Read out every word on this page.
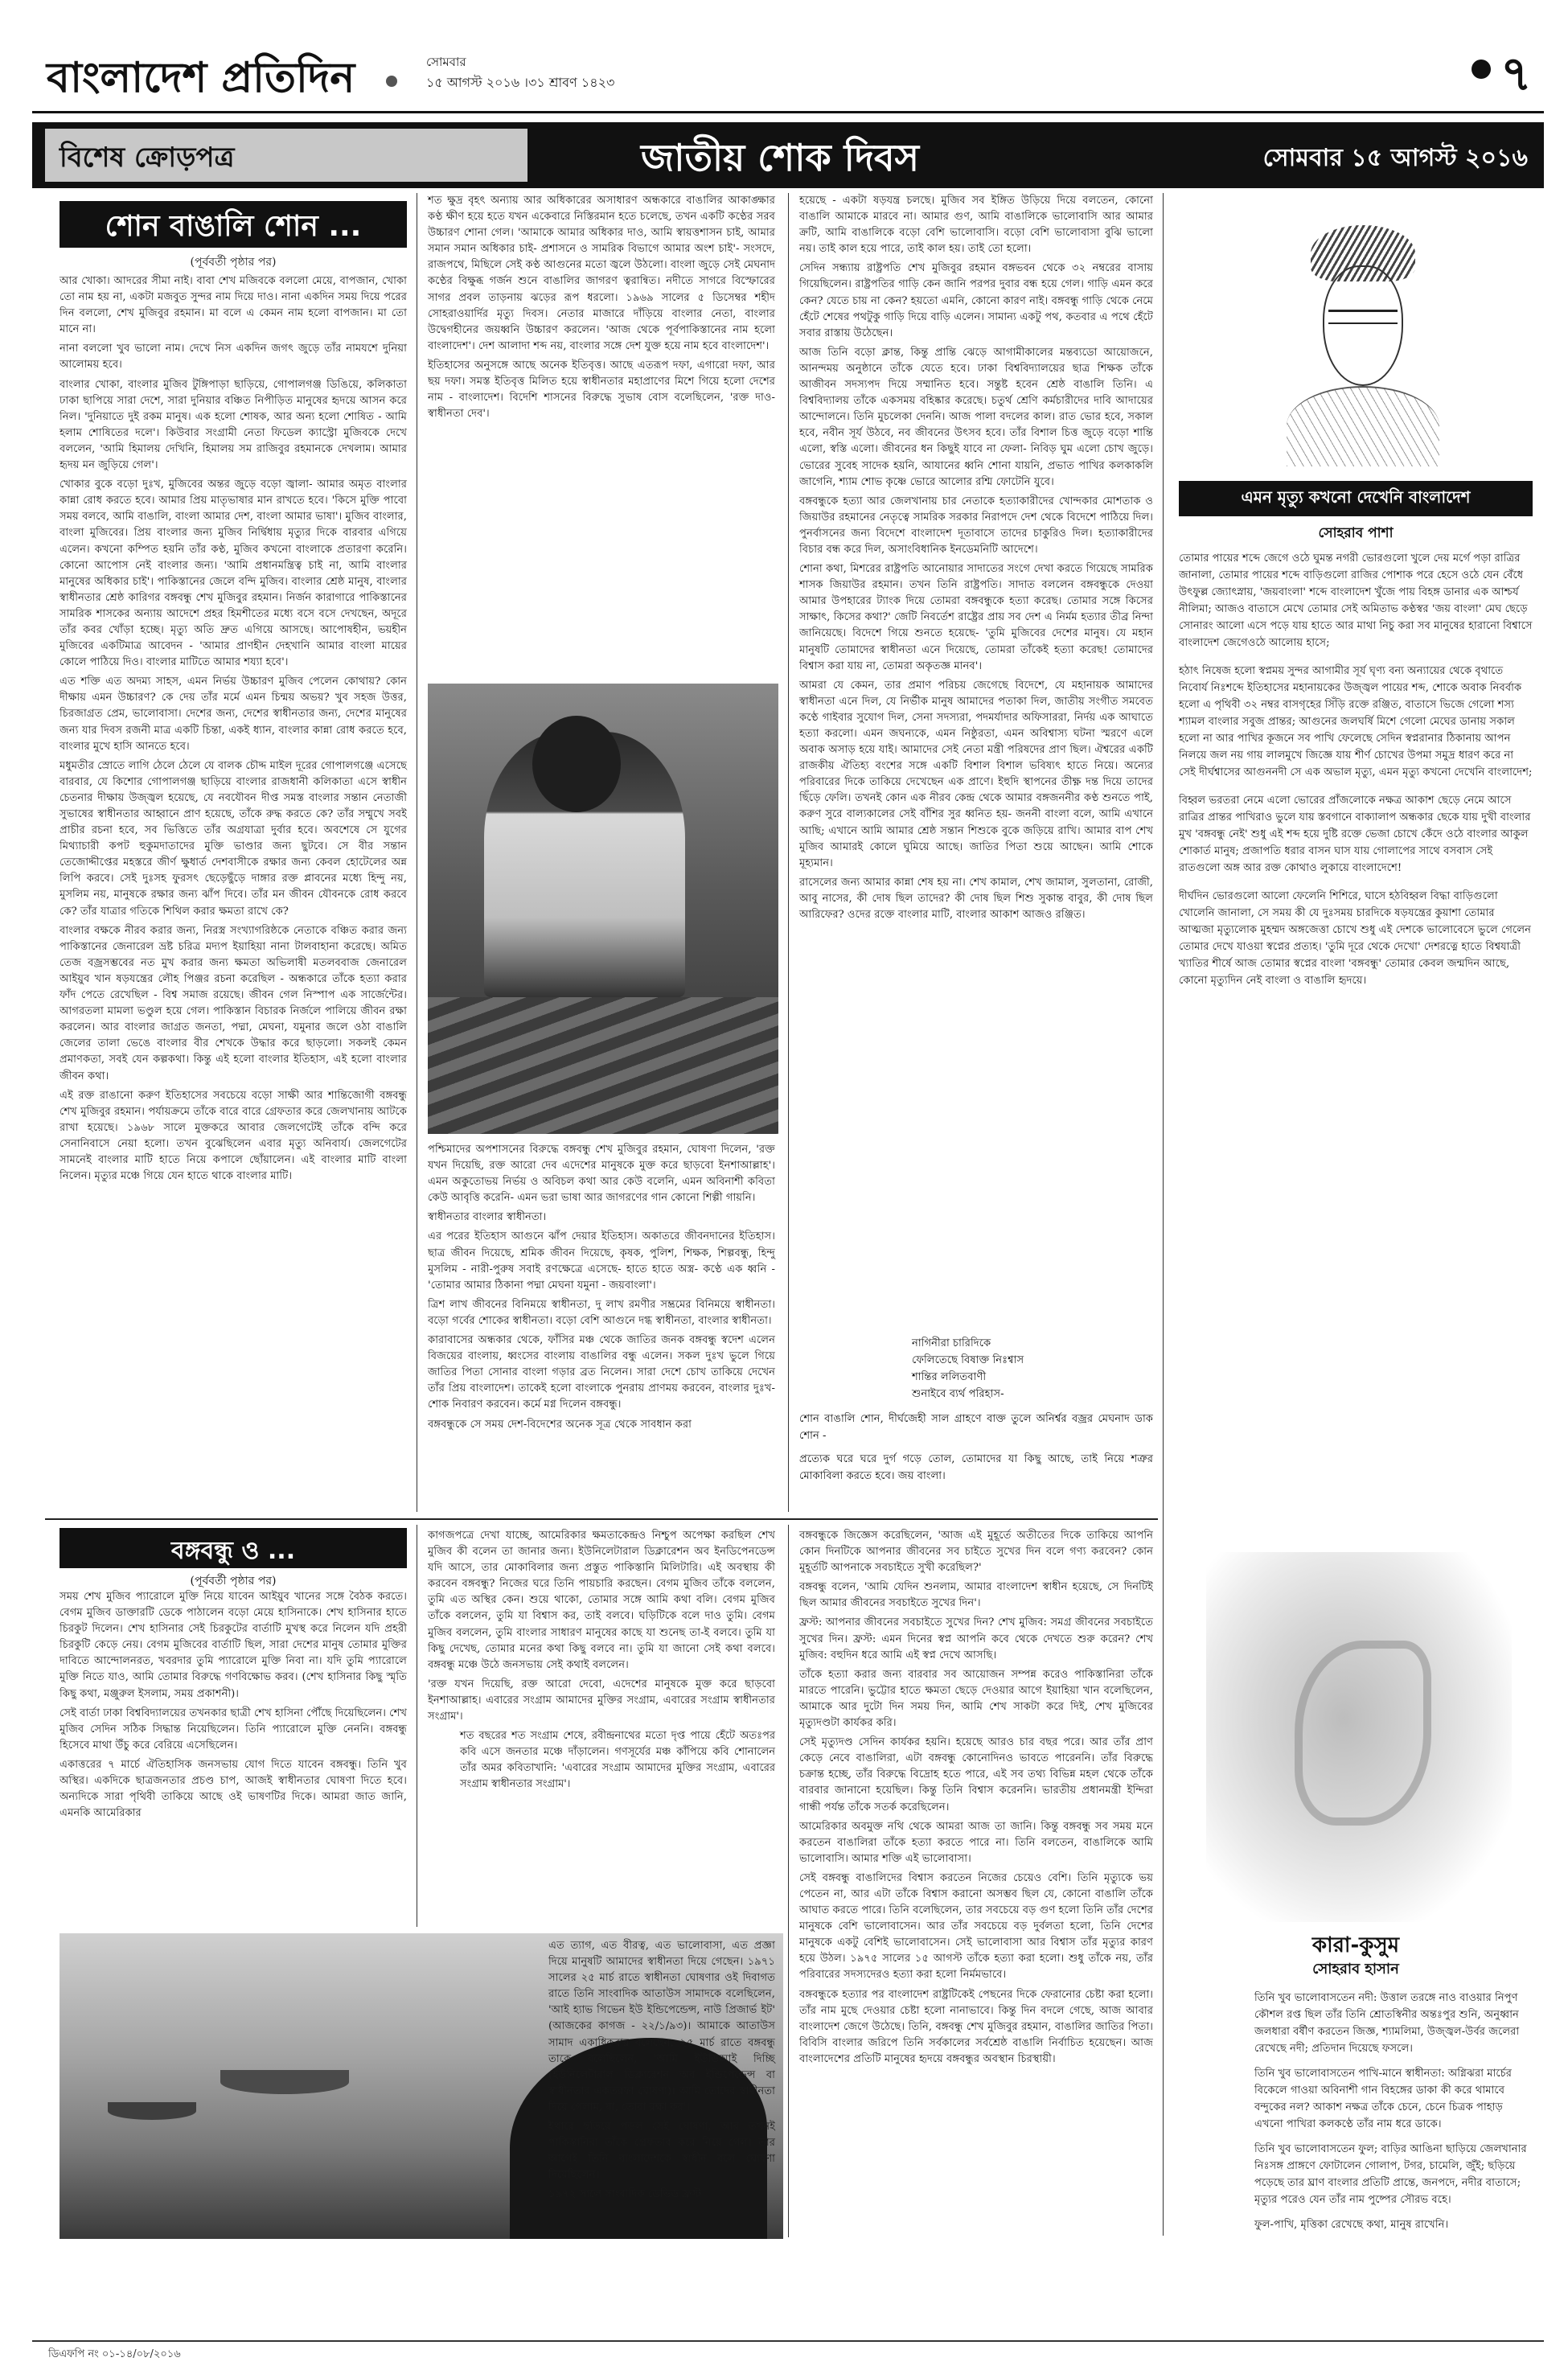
বাংলাদেশ প্রতিদিন	সোমবার
১৫ আগস্ট ২০১৬ ।৩১ শ্রাবণ ১৪২৩	৭
বিশেষ ক্রোড়পত্র	জাতীয় শোক দিবস	সোমবার ১৫ আগস্ট ২০১৬
শোন বাঙালি শোন ...
(পূর্ববর্তী পৃষ্ঠার পর)

আর খোকা। আদরের সীমা নাই। বাবা শেখ মজিবকে বললো মেয়ে, বাপজান, খোকা তো নাম হয় না, একটা মজবুত সুন্দর নাম দিয়ে দাও। নানা একদিন সময় দিয়ে পরের দিন বললো, শেখ মুজিবুর রহমান। মা বলে এ কেমন নাম হলো বাপজান। মা তো মানে না।

নানা বললো খুব ভালো নাম। দেখে নিস একদিন জগৎ জুড়ে তাঁর নামযশে দুনিয়া আলোময় হবে।

বাংলার খোকা, বাংলার মুজিব টুঙ্গিপাড়া ছাড়িয়ে, গোপালগঞ্জ ডিঙিয়ে, কলিকাতা ঢাকা ছাপিয়ে সারা দেশে, সারা দুনিয়ার বঞ্চিত নিপীড়িত মানুষের হৃদয়ে আসন করে নিল। 'দুনিয়াতে দুই রকম মানুষ। এক হলো শোষক, আর অন্য হলো শোষিত - আমি হলাম শোষিতের দলে'। কিউবার সংগ্রামী নেতা ফিডেল ক্যাস্ট্রো মুজিবকে দেখে বললেন, 'আমি হিমালয় দেখিনি, হিমালয় সম রাজিবুর রহমানকে দেখলাম। আমার হৃদয় মন জুড়িয়ে গেল'।

খোকার বুকে বড়ো দুঃখ, মুজিবের অন্তর জুড়ে বড়ো জ্বালা- আমার অমৃত বাংলার কান্না রোধ করতে হবে। আমার প্রিয় মাতৃভাষার মান রাখতে হবে। 'কিসে মুক্তি পাবো সময় বলবে, আমি বাঙালি, বাংলা আমার দেশ, বাংলা আমার ভাষা'। মুজিব বাংলার, বাংলা মুজিবের। প্রিয় বাংলার জন্য মুজিব নির্দ্বিধায় মৃত্যুর দিকে বারবার এগিয়ে এলেন। কখনো কম্পিত হয়নি তাঁর কণ্ঠ, মুজিব কখনো বাংলাকে প্রতারণা করেনি। কোনো আপোস নেই বাংলার জন্য। 'আমি প্রধানমন্ত্রিত্ব চাই না, আমি বাংলার মানুষের অধিকার চাই'। পাকিস্তানের জেলে বন্দি মুজিব। বাংলার শ্রেষ্ঠ মানুষ, বাংলার স্বাধীনতার শ্রেষ্ঠ কারিগর বঙ্গবন্ধু শেখ মুজিবুর রহমান। নির্জন কারাগারে পাকিস্তানের সামরিক শাসকের অন্যায় আদেশে প্রহর হিমশীতের মধ্যে বসে বসে দেখছেন, অদূরে তাঁর কবর খোঁড়া হচ্ছে। মৃত্যু অতি দ্রুত এগিয়ে আসছে। আপোষহীন, ভয়হীন মুজিবের একটিমাত্র আবেদন - 'আমার প্রাণহীন দেহখানি আমার বাংলা মায়ের কোলে পাঠিয়ে দিও। বাংলার মাটিতে আমার শয্যা হবে'।

এত শক্তি এত অদম্য সাহস, এমন নির্ভয় উচ্চারণ মুজিব পেলেন কোথায়? কোন দীক্ষায় এমন উচ্চারণ? কে দেয় তাঁর মর্মে এমন চিন্ময় অভয়? খুব সহজ উত্তর, চিরজাগ্রত প্রেম, ভালোবাসা। দেশের জন্য, দেশের স্বাধীনতার জন্য, দেশের মানুষের জন্য যার দিবস রজনী মাত্র একটি চিন্তা, একই ধ্যান, বাংলার কান্না রোধ করতে হবে, বাংলার মুখে হাসি আনতে হবে।

মধুমতীর স্রোতে লাগি ঠেলে ঠেলে যে বালক চৌদ্দ মাইল দূরের গোপালগঞ্জে এসেছে বারবার, যে কিশোর গোপালগঞ্জ ছাড়িয়ে বাংলার রাজধানী কলিকাতা এসে স্বাধীন চেতনার দীক্ষায় উজ্জ্বল হয়েছে, যে নবযৌবন দীপ্ত সমস্ত বাংলার সন্তান নেতাজী সুভাষের স্বাধীনতার আহ্বানে প্রাণ হয়েছে, তাঁকে রুদ্ধ করতে কে? তাঁর সম্মুখে সবই প্রাচীর রচনা হবে, সব ভিত্তিতে তাঁর অগ্রযাত্রা দুর্বার হবে। অবশেষে সে যুগের মিথ্যাচারী কপট হুকুমদাতাদের মুক্তি ভাণ্ডার জন্য ছুটবে। সে বীর সন্তান তেজোদ্দীপ্তের মহস্তরে জীর্ণ ক্ষুধার্ত দেশবাসীকে রক্ষার জন্য কেবল হোটেলের অন্ন লিপি করবে। সেই দুঃসহ ফুরসৎ ছেড়েছুঁড়ে দাঙ্গার রক্ত প্লাবনের মধ্যে হিন্দু নয়, মুসলিম নয়, মানুষকে রক্ষার জন্য ঝাঁপ দিবে। তাঁর মন জীবন যৌবনকে রোধ করবে কে? তাঁর যাত্রার গতিকে শিথিল করার ক্ষমতা রাখে কে?

বাংলার বক্ষকে নীরব করার জন্য, নিরস্ত্র সংখ্যাগরিষ্ঠকে নেতাকে বঞ্চিত করার জন্য পাকিস্তানের জেনারেল ভ্রষ্ট চরিত্র মদ্যপ ইয়াহিয়া নানা টালবাহানা করেছে। অমিত তেজ বজ্রসম্ভবের নত মুখ করার জন্য ক্ষমতা অভিলাষী মতলববাজ জেনারেল আইয়ুব খান ষড়যন্ত্রের লৌহ পিঞ্জর রচনা করেছিল - অন্ধকারে তাঁকে হত্যা করার ফাঁদ পেতে রেখেছিল - বিশ্ব সমাজ রয়েছে। জীবন গেল নিস্পাপ এক সার্জেন্টের। আগরতলা মামলা ভণ্ডুল হয়ে গেল। পাকিস্তান বিচারক নির্জলে পালিয়ে জীবন রক্ষা করলেন। আর বাংলার জাগ্রত জনতা, পদ্মা, মেঘনা, যমুনার জলে ওঠা বাঙালি জেলের তালা ভেঙে বাংলার বীর শেখকে উদ্ধার করে ছাড়লো। সকলই কেমন প্রমাণকতা, সবই যেন কল্পকথা। কিন্তু এই হলো বাংলার ইতিহাস, এই হলো বাংলার জীবন কথা।

এই রক্ত রাঙানো করুণ ইতিহাসের সবচেয়ে বড়ো সাক্ষী আর শান্তিজোগী বঙ্গবন্ধু শেখ মুজিবুর রহমান। পর্যায়ক্রমে তাঁকে বারে বারে গ্রেফতার করে জেলখানায় আটকে রাখা হয়েছে। ১৯৬৮ সালে মুক্তকরে আবার জেলগেটেই তাঁকে বন্দি করে সেনানিবাসে নেয়া হলো। তখন বুঝেছিলেন এবার মৃত্যু অনিবার্য। জেলগেটের সামনেই বাংলার মাটি হাতে নিয়ে কপালে ছোঁয়ালেন। এই বাংলার মাটি বাংলা নিলেন। মৃত্যুর মঞ্চে গিয়ে যেন হাতে থাকে বাংলার মাটি।

শত ক্ষুদ্র বৃহৎ অন্যায় আর অধিকারের অসাধারণ অন্ধকারে বাঙালির আকাঙ্ক্ষার কণ্ঠ ক্ষীণ হয়ে হতে যখন একেবারে নিস্তিরমান হতে চলেছে, তখন একটি কণ্ঠের সরব উচ্চারণ শোনা গেল। 'আমাকে আমার অধিকার দাও, আমি স্বায়ত্তশাসন চাই, আমার সমান সমান অধিকার চাই- প্রশাসনে ও সামরিক বিভাগে আমার অংশ চাই'- সংসদে, রাজপথে, মিছিলে সেই কণ্ঠ আগুনের মতো জ্বলে উঠলো। বাংলা জুড়ে সেই মেঘনাদ কণ্ঠের বিক্ষুব্ধ গর্জন শুনে বাঙালির জাগরণ ত্বরান্বিত। নদীতে সাগরে বিস্ফোরের সাগর প্রবল তাড়নায় ঝড়ের রূপ ধরলো। ১৯৬৯ সালের ৫ ডিসেম্বর শহীদ সোহরাওয়ার্দির মৃত্যু দিবস। নেতার মাজারে দাঁড়িয়ে বাংলার নেতা, বাংলার উদ্বেগহীনের জয়ধ্বনি উচ্চারণ করলেন। 'আজ থেকে পূর্বপাকিস্তানের নাম হলো বাংলাদেশ'। দেশ আলাদা শব্দ নয়, বাংলার সঙ্গে দেশ যুক্ত হয়ে নাম হবে বাংলাদেশ'।

ইতিহাসের অনুসঙ্গে আছে অনেক ইতিবৃত্ত। আছে এতরূপ দফা, এগারো দফা, আর ছয় দফা। সমস্ত ইতিবৃত্ত মিলিত হয়ে স্বাধীনতার মহাপ্রাণের মিশে গিয়ে হলো দেশের নাম - বাংলাদেশ। বিদেশি শাসনের বিরুদ্ধে সুভাষ বোস বলেছিলেন, 'রক্ত দাও- স্বাধীনতা দেব'।

পশ্চিমাদের অপশাসনের বিরুদ্ধে বঙ্গবন্ধু শেখ মুজিবুর রহমান, ঘোষণা দিলেন, 'রক্ত যখন দিয়েছি, রক্ত আরো দেব এদেশের মানুষকে মুক্ত করে ছাড়বো ইনশাআল্লাহ'। এমন অকুতোভয় নির্ভয় ও অবিচল কথা আর কেউ বলেনি, এমন অবিনাশী কবিতা কেউ আবৃত্তি করেনি- এমন ভরা ভাষা আর জাগরণের গান কোনো শিল্পী গায়নি।

স্বাধীনতার বাংলার স্বাধীনতা।

এর পরের ইতিহাস আগুনে ঝাঁপ দেয়ার ইতিহাস। অকাতরে জীবনদানের ইতিহাস। ছাত্র জীবন দিয়েছে, শ্রমিক জীবন দিয়েছে, কৃষক, পুলিশ, শিক্ষক, শিল্পবন্ধু, হিন্দু মুসলিম - নারী-পুরুষ সবাই রণক্ষেত্রে এসেছে- হাতে হাতে অস্ত্র- কণ্ঠে এক ধ্বনি - 'তোমার আমার ঠিকানা পদ্মা মেঘনা যমুনা - জয়বাংলা'।

ত্রিশ লাখ জীবনের বিনিময়ে স্বাধীনতা, দু লাখ রমণীর সম্ভ্রমের বিনিময়ে স্বাধীনতা। বড়ো গর্বের শোকের স্বাধীনতা। বড়ো বেশি আগুনে দগ্ধ স্বাধীনতা, বাংলার স্বাধীনতা।

কারাবাসের অন্ধকার থেকে, ফাঁসির মঞ্চ থেকে জাতির জনক বঙ্গবন্ধু স্বদেশ এলেন বিজয়ের বাংলায়, ধ্বংসের বাংলায় বাঙালির বন্ধু এলেন। সকল দুঃখ ভুলে গিয়ে জাতির পিতা সোনার বাংলা গড়ার ব্রত নিলেন। সারা দেশে চোখ তাকিয়ে দেখেন তাঁর প্রিয় বাংলাদেশ। তাকেই হলো বাংলাকে পুনরায় প্রাণময় করবেন, বাংলার দুঃখ-শোক নিবারণ করবেন। কর্মে মগ্ন দিলেন বঙ্গবন্ধু।

বঙ্গবন্ধুকে সে সময় দেশ-বিদেশের অনেক সূত্র থেকে সাবধান করা

হয়েছে - একটা ষড়যন্ত্র চলছে। মুজিব সব ইঙ্গিত উড়িয়ে দিয়ে বলতেন, কোনো বাঙালি আমাকে মারবে না। আমার গুণ, আমি বাঙালিকে ভালোবাসি আর আমার ক্রটি, আমি বাঙালিকে বড়ো বেশি ভালোবাসি। বড়ো বেশি ভালোবাসা বুঝি ভালো নয়। তাই কাল হয়ে পারে, তাই কাল হয়। তাই তো হলো।

সেদিন সন্ধ্যায় রাষ্ট্রপতি শেখ মুজিবুর রহমান বঙ্গভবন থেকে ৩২ নম্বরের বাসায় গিয়েছিলেন। রাষ্ট্রপতির গাড়ি কেন জানি পরপর দুবার বন্ধ হয়ে গেল। গাড়ি এমন করে কেন? যেতে চায় না কেন? হয়তো এমনি, কোনো কারণ নাই। বঙ্গবন্ধু গাড়ি থেকে নেমে হেঁটে শেষের পথটুকু গাড়ি দিয়ে বাড়ি এলেন। সামান্য একটু পথ, কতবার এ পথে হেঁটে সবার রাস্তায় উঠেছেন।

আজ তিনি বড়ো ক্লান্ত, কিন্তু প্রান্তি ঝেড়ে আগামীকালের মন্তব্যডো আয়োজনে, আনন্দময় অনুষ্ঠানে তাঁকে যেতে হবে। ঢাকা বিশ্ববিদ্যালয়ের ছাত্র শিক্ষক তাঁকে আজীবন সদস্যপদ দিয়ে সম্মানিত হবে। সন্তুষ্ট হবেন শ্রেষ্ঠ বাঙালি তিনি। এ বিশ্ববিদ্যালয় তাঁকে একসময় বহিষ্কার করেছে। চতুর্থ শ্রেণি কর্মচারীদের দাবি আদায়ের আন্দোলনে। তিনি মুচলেকা দেননি। আজ পালা বদলের কাল। রাত ভোর হবে, সকাল হবে, নবীন সূর্য উঠবে, নব জীবনের উৎসব হবে। তাঁর বিশাল চিত্ত জুড়ে বড়ো শান্তি এলো, স্বস্তি এলো। জীবনের ধন কিছুই যাবে না ফেলা- নিবিড় ঘুম এলো চোখ জুড়ে। ভোরের সুবেহ সাদেক হয়নি, আযানের ধ্বনি শোনা যায়নি, প্রভাত পাখির কলকাকলি জাগেনি, শ্যাম শোভ কৃষ্ণে ভোরে আলোর রশ্মি ফোটেনি যুবে।

বঙ্গবন্ধুকে হত্যা আর জেলখানায় চার নেতাকে হত্যাকারীদের খোন্দকার মোশতাক ও জিয়াউর রহমানের নেতৃত্বে সামরিক সরকার নিরাপদে দেশ থেকে বিদেশে পাঠিয়ে দিল। পুনর্বাসনের জন্য বিদেশে বাংলাদেশ দূতাবাসে তাদের চাকুরিও দিল। হত্যাকারীদের বিচার বন্ধ করে দিল, অসাংবিধানিক ইনডেমনিটি আদেশে।

শোনা কথা, মিশরের রাষ্ট্রপতি আনোয়ার সাদাতের সংগে দেখা করতে গিয়েছে সামরিক শাসক জিয়াউর রহমান। তখন তিনি রাষ্ট্রপতি। সাদাত বললেন বঙ্গবন্ধুকে দেওয়া আমার উপহারের ট্যাংক দিয়ে তোমরা বঙ্গবন্ধুকে হত্যা করেছ। তোমার সঙ্গে কিসের সাক্ষাৎ, কিসের কথা?' জেটি নিবর্তেশ রাষ্ট্রের প্রায় সব দেশ এ নির্মম হত্যার তীব্র নিন্দা জানিয়েছে। বিদেশে গিয়ে শুনতে হয়েছে- 'তুমি মুজিবের দেশের মানুষ। যে মহান মানুষটি তোমাদের স্বাধীনতা এনে দিয়েছে, তোমরা তাঁকেই হত্যা করেছ! তোমাদের বিশ্বাস করা যায় না, তোমরা অকৃতজ্ঞ মানব'।

আমরা যে কেমন, তার প্রমাণ পরিচয় জেগেছে বিদেশে, যে মহানায়ক আমাদের স্বাধীনতা এনে দিল, যে নির্ভীক মানুষ আমাদের পতাকা দিল, জাতীয় সংগীত সমবেত কণ্ঠে গাইবার সুযোগ দিল, সেনা সদস্যরা, পদমর্যাদার অফিসাররা, নির্দয় এক আঘাতে হত্যা করলো। এমন জঘন্যকে, এমন নিষ্ঠুরতা, এমন অবিশ্বাস্য ঘটনা স্মরণে এলে অবাক অসাড় হয়ে যাই। আমাদের সেই নেতা মন্ত্রী পরিষদের প্রাণ ছিল। ঐশ্বরের একটি রাজকীয় ঐতিহ্য বংশের সঙ্গে একটি বিশাল বিশাল ভবিষ্যৎ হাতে নিয়ে। অন্যের পরিবারের দিকে তাকিয়ে দেখেছেন এক প্রাণে। ইহুদি স্থাপনের তীক্ষ্ণ দন্ত দিয়ে তাদের ছিঁড়ে ফেলি। তখনই কোন এক নীরব কেন্দ্র থেকে আমার বঙ্গজননীর কণ্ঠ শুনতে পাই, করুণ সুরে বাল্যকালের সেই বাঁশির সুর ধ্বনিত হয়- জননী বাংলা বলে, আমি এখানে আছি; এখানে আমি আমার শ্রেষ্ঠ সন্তান শিশুকে বুকে জড়িয়ে রাখি। আমার বাপ শেখ মুজিব আমারই কোলে ঘুমিয়ে আছে। জাতির পিতা শুয়ে আছেন। আমি শোকে মূহ্যমান।

রাসেলের জন্য আমার কান্না শেষ হয় না। শেখ কামাল, শেখ জামাল, সুলতানা, রোজী, আবু নাসের, কী দোষ ছিল তাদের? কী দোষ ছিল শিশু সুকান্ত বাবুর, কী দোষ ছিল আরিফের? ওদের রক্তে বাংলার মাটি, বাংলার আকাশ আজও রঞ্জিত।

নাগিনীরা চারিদিকে
ফেলিতেছে বিষাক্ত নিঃশ্বাস
শান্তির ললিতবাণী
শুনাইবে ব্যর্থ পরিহাস-

শোন বাঙালি শোন, দীর্ঘজেহী সাল গ্রাহণে বাক্ত তুলে অনির্শ্বর বজ্রর মেঘনাদ ডাক শোন -

প্রত্যেক ঘরে ঘরে দুর্গ গড়ে তোল, তোমাদের যা কিছু আছে, তাই নিয়ে শত্রুর মোকাবিলা করতে হবে। জয় বাংলা।

এমন মৃত্যু কখনো দেখেনি বাংলাদেশ
সোহরাব পাশা

তোমার পায়ের শব্দে জেগে ওঠে ঘুমন্ত নগরী ভোরগুলো খুলে দেয় মর্গে পড়া রাত্রির জানালা, তোমার পায়ের শব্দে বাড়িগুলো রাজির পোশাক পরে হেসে ওঠে যেন বেঁধে উৎফুল্ল জ্যোৎস্নায়, 'জয়বাংলা' শব্দে বাংলাদেশ খুঁজে পায় বিহঙ্গ ডানার এক আশ্চর্য নীলিমা; আজও বাতাসে মেখে তোমার সেই অমিতাভ কণ্ঠস্বর 'জয় বাংলা' মেঘ ছেড়ে সোনারং আলো এসে পড়ে যায় হাতে আর মাথা নিচু করা সব মানুষের হারানো বিশ্বাসে বাংলাদেশ জেগেওঠে আলোয় হাসে;

হঠাৎ নিষেজ হলো স্বপ্নময় সুন্দর আগামীর সূর্য ঘৃণ্য বন্য অন্যায়ের থেকে বৃথাতে নিবোর্য নিঃশব্দে ইতিহাসের মহানায়কের উজ্জ্বল পায়ের শব্দ, শোকে অবাক নিবর্বাক হলো এ পৃথিবী ৩২ নম্বর বাসগৃহের সিঁড়ি রক্তে রঞ্জিত, বাতাসে ভিজে গেলো শস্য শ্যামল বাংলার সবুজ প্রান্তর; আগুনের জলঘর্ষি মিশে গেলো মেঘের ডানায় সকাল হলো না আর পাখির কূজনে সব পাখি ফেলেছে সেদিন স্বপ্নরানার ঠিকানায় আপন নিলয়ে জল নয় গায় লালমুখে জিজ্ঞে যায় শীর্ণ চোখের উপমা সমুদ্র ধারণ করে না সেই দীর্ঘশ্বাসের আগুননদী সে এক অভাল মৃত্যু, এমন মৃত্যু কখনো দেখেনি বাংলাদেশ;

বিহ্বল ভরতরা নেমে এলো ভোরের প্রাঁজলোকে নক্ষত্র আকাশ ছেড়ে নেমে আসে রাত্রির প্রান্তর পাখিরাও ভুলে যায় স্তবগানে বাক্যালাপ অন্ধকার ছেকে যায় দুখী বাংলার মুখ 'বঙ্গবন্ধু নেই' শুধু এই শব্দ হয়ে দুষ্টি রক্তে ভেজা চোখে কেঁদে ওঠে বাংলার আকুল শোকার্ত মানুষ; প্রজাপতি ধরার বাসন ঘাস যায় গোলাপের সাথে বসবাস সেই রাতগুলো অঙ্গ আর রক্ত কোথাও লুকায়ে বাংলাদেশে!

দীর্ঘদিন ভোরগুলো আলো ফেলেনি শিশিরে, ঘাসে হঠবিহ্বল বিদ্ধা বাড়িগুলো খোলেনি জানালা, সে সময় কী যে দুঃসময় চারদিকে ষড়যন্ত্রের কুয়াশা তোমার আত্মজা মৃত্যুলোক মুহম্মদ অঙ্গজেত্তা চোখে শুধু এই দেশকে ভালোবেসে ভুলে গেলেন তোমার দেখে যাওয়া স্বপ্নের প্রত্যহ। 'তুমি দূরে থেকে দেখো' দেশরত্নে হাতে বিশ্বযাত্রী খ্যাতির শীর্ষে আজ তোমার স্বপ্নের বাংলা 'বঙ্গবন্ধু' তোমার কেবল জন্মদিন আছে, কোনো মৃত্যুদিন নেই বাংলা ও বাঙালি হৃদয়ে।

কারা-কুসুম
সোহরাব হাসান

তিনি খুব ভালোবাসতেন নদী: উত্তাল তরঙ্গে নাও বাওয়ার নিপুণ কৌশল রপ্ত ছিল তাঁর তিনি শ্রোতস্বিনীর অন্তঃপুর শুনি, অনুধ্বান জলধারা বর্ষীণ করতেন জিজ্ঞ, শ্যামলিমা, উজ্জ্বল-উর্বর জলেরা রেখেছে নদী; প্রতিদান দিয়েছে ফসলে।

তিনি খুব ভালোবাসতেন পাখি-মানে স্বাধীনতা: অগ্নিঝরা মার্চের বিকেলে গাওয়া অবিনাশী গান বিহঙ্গের ডাকা কী করে থামাবে বন্দুকের নল? আকাশ নক্ষত্র তাঁকে চেনে, চেনে চিত্রক পাহাড় এখনো পাখিরা কলকণ্ঠে তাঁর নাম ধরে ডাকে।

তিনি খুব ভালোবাসতেন ফুল; বাড়ির আঙিনা ছাড়িয়ে জেলখানার নিঃসঙ্গ প্রাঙ্গণে ফোটালেন গোলাপ, টগর, চামেলি, জুঁই; ছড়িয়ে পড়েছে তার ঘ্রাণ বাংলার প্রতিটি প্রান্তে, জনপদে, নদীর বাতাসে; মৃত্যুর পরেও যেন তাঁর নাম পুষ্পের সৌরভ বহে।

ফুল-পাখি, মৃত্তিকা রেখেছে কথা, মানুষ রাখেনি।

বঙ্গবন্ধু ও ...
(পূর্ববর্তী পৃষ্ঠার পর)

সময় শেখ মুজিব প্যারোলে মুক্তি নিয়ে যাবেন আইয়ুব খানের সঙ্গে বৈঠক করতে। বেগম মুজিব ডাক্তারটি ডেকে পাঠালেন বড়ো মেয়ে হাসিনাকে। শেখ হাসিনার হাতে চিরকুট দিলেন। শেখ হাসিনার সেই চিরকুটের বার্তাটি মুখস্থ করে নিলেন যদি প্রহরী চিরকুটি কেড়ে নেয়। বেগম মুজিবের বার্তাটি ছিল, সারা দেশের মানুষ তোমার মুক্তির দাবিতে আন্দোলনরত, খবরদার তুমি প্যারোলে মুক্তি নিবা না। যদি তুমি প্যারোলে মুক্তি নিতে যাও, আমি তোমার বিরুদ্ধে গণবিক্ষোভ করব। (শেখ হাসিনার কিছু স্মৃতি কিছু কথা, মঞ্জুরুল ইসলাম, সময় প্রকাশনী)।

সেই বার্তা ঢাকা বিশ্ববিদ্যালয়ের তখনকার ছাত্রী শেখ হাসিনা পৌঁছে দিয়েছিলেন। শেখ মুজিব সেদিন সঠিক সিদ্ধান্ত নিয়েছিলেন। তিনি প্যারোলে মুক্তি নেননি। বঙ্গবন্ধু হিসেবে মাথা উঁচু করে বেরিয়ে এসেছিলেন।

একাত্তরের ৭ মার্চে ঐতিহাসিক জনসভায় যোগ দিতে যাবেন বঙ্গবন্ধু। তিনি খুব অস্থির। একদিকে ছাত্রজনতার প্রচণ্ড চাপ, আজই স্বাধীনতার ঘোষণা দিতে হবে। অন্যদিকে সারা পৃথিবী তাকিয়ে আছে ওই ভাষণটির দিকে। আমরা জাত জানি, এমনকি আমেরিকার

কাগজপত্রে দেখা যাচ্ছে, আমেরিকার ক্ষমতাকেন্দ্রও নিশ্চুপ অপেক্ষা করছিল শেখ মুজিব কী বলেন তা জানার জন্য। ইউনিলেটারাল ডিক্লারেশন অব ইনডিপেনডেন্স যদি আসে, তার মোকাবিলার জন্য প্রস্তুত পাকিস্তানি মিলিটারি। এই অবস্থায় কী করবেন বঙ্গবন্ধু? নিজের ঘরে তিনি পায়চারি করছেন। বেগম মুজিব তাঁকে বললেন, তুমি এত অস্থির কেন। শুয়ে থাকো, তোমার সঙ্গে আমি কথা বলি। বেগম মুজিব তাঁকে বললেন, তুমি যা বিশ্বাস কর, তাই বলবে। ঘড়িটিকে বলে দাও তুমি। বেগম মুজিব বললেন, তুমি বাংলার সাধারণ মানুষের কাছে যা শুনেছ তা-ই বলবে। তুমি যা কিছু দেখেছ, তোমার মনের কথা কিছু বলবে না। তুমি যা জানো সেই কথা বলবে। বঙ্গবন্ধু মঞ্চে উঠে জনসভায় সেই কথাই বললেন।

'রক্ত যখন দিয়েছি, রক্ত আরো দেবো, এদেশের মানুষকে মুক্ত করে ছাড়বো ইনশাআল্লাহ। এবারের সংগ্রাম আমাদের মুক্তির সংগ্রাম, এবারের সংগ্রাম স্বাধীনতার সংগ্রাম'।

শত বছরের শত সংগ্রাম শেষে, রবীন্দ্রনাথের মতো দৃপ্ত পায়ে হেঁটে অতঃপর কবি এসে জনতার মঞ্চে দাঁড়ালেন। গণসূর্যের মঞ্চ কাঁপিয়ে কবি শোনালেন তাঁর অমর কবিতাখানি: 'এবারের সংগ্রাম আমাদের মুক্তির সংগ্রাম, এবারের সংগ্রাম স্বাধীনতার সংগ্রাম'।

এত ত্যাগ, এত বীরত্ব, এত ভালোবাসা, এত প্রজ্ঞা দিয়ে মানুষটি আমাদের স্বাধীনতা দিয়ে গেছেন। ১৯৭১ সালের ২৫ মার্চ রাতে স্বাধীনতা ঘোষণার ওই দিবাগত রাতে তিনি সাংবাদিক আতাউস সামাদকে বলেছিলেন, 'আই হ্যাভ গিভেন ইউ ইন্ডিপেন্ডেন্স, নাউ প্রিজার্ভ ইট' (আজকের কাগজ - ২২/১/৯৩)। আমাকে আতাউস সামাদ একাধিকবার বলেছেন, ২৫ মার্চ রাতে বঙ্গবন্ধু তাকে বলেছিলেন, 'আমি ইউডিআই দিচ্ছি (ইউনিলেটারাল ডিক্লারেশন অব ইন্ডিপেন্ডেন্স বা স্বাধীনতার একতরফা ঘোষণা)। আমি তোদের স্বাধীনতা দিয়ে গেলাম, যা, তোরা রক্ষা কর'।

ইথারে ছড়িয়ে পড়ল সেই ঘোষণা, আর তখনই পাকিস্তানিরা তাঁকে গ্রেফতার করে নিয়ে গেল। তার আগেই তিনি বাংলাদেশকে স্বাধীন বলে ঘোষণা দিয়েছিলেন।

১৯৭২ সালে সাংবাদিক ডেভিড ফ্রস্ট

বঙ্গবন্ধুকে জিজ্ঞেস করেছিলেন, 'আজ এই মুহূর্তে অতীতের দিকে তাকিয়ে আপনি কোন দিনটিকে আপনার জীবনের সব চাইতে সুখের দিন বলে গণ্য করবেন? কোন মুহূর্তটি আপনাকে সবচাইতে সুখী করেছিল?'

বঙ্গবন্ধু বলেন, 'আমি যেদিন শুনলাম, আমার বাংলাদেশ স্বাধীন হয়েছে, সে দিনটিই ছিল আমার জীবনের সবচাইতে সুখের দিন'।

ফ্রস্ট: আপনার জীবনের সবচাইতে সুখের দিন? শেখ মুজিব: সমগ্র জীবনের সবচাইতে সুখের দিন। ফ্রস্ট: এমন দিনের স্বপ্ন আপনি কবে থেকে দেখতে শুরু করেন? শেখ মুজিব: বহুদিন ধরে আমি এই স্বপ্ন দেখে আসছি।

তাঁকে হত্যা করার জন্য বারবার সব আয়োজন সম্পন্ন করেও পাকিস্তানিরা তাঁকে মারতে পারেনি। ভুট্টোর হাতে ক্ষমতা ছেড়ে দেওয়ার আগে ইয়াহিয়া খান বলেছিলেন, আমাকে আর দুটো দিন সময় দিন, আমি শেখ সাকটা করে দিই, শেখ মুজিবের মৃত্যুদণ্ডটা কার্যকর করি।

সেই মৃত্যুদণ্ড সেদিন কার্যকর হয়নি। হয়েছে আরও চার বছর পরে। আর তাঁর প্রাণ কেড়ে নেবে বাঙালিরা, এটা বঙ্গবন্ধু কোনোদিনও ভাবতে পারেননি। তাঁর বিরুদ্ধে চক্রান্ত হচ্ছে, তাঁর বিরুদ্ধে বিদ্রোহ হতে পারে, এই সব তথ্য বিভিন্ন মহল থেকে তাঁকে বারবার জানানো হয়েছিল। কিন্তু তিনি বিশ্বাস করেননি। ভারতীয় প্রধানমন্ত্রী ইন্দিরা গান্ধী পর্যন্ত তাঁকে সতর্ক করেছিলেন।

আমেরিকার অবমুক্ত নথি থেকে আমরা আজ তা জানি। কিন্তু বঙ্গবন্ধু সব সময় মনে করতেন বাঙালিরা তাঁকে হত্যা করতে পারে না। তিনি বলতেন, বাঙালিকে আমি ভালোবাসি। আমার শক্তি এই ভালোবাসা।

সেই বঙ্গবন্ধু বাঙালিদের বিশ্বাস করতেন নিজের চেয়েও বেশি। তিনি মৃত্যুকে ভয় পেতেন না, আর এটা তাঁকে বিশ্বাস করানো অসম্ভব ছিল যে, কোনো বাঙালি তাঁকে আঘাত করতে পারে। তিনি বলেছিলেন, তার সবচেয়ে বড় গুণ হলো তিনি তাঁর দেশের মানুষকে বেশি ভালোবাসেন। আর তাঁর সবচেয়ে বড় দুর্বলতা হলো, তিনি দেশের মানুষকে একটু বেশিই ভালোবাসেন। সেই ভালোবাসা আর বিশ্বাস তাঁর মৃত্যুর কারণ হয়ে উঠল। ১৯৭৫ সালের ১৫ আগস্ট তাঁকে হত্যা করা হলো। শুধু তাঁকে নয়, তাঁর পরিবারের সদস্যদেরও হত্যা করা হলো নির্মমভাবে।

বঙ্গবন্ধুকে হত্যার পর বাংলাদেশ রাষ্ট্রটিকেই পেছনের দিকে ফেরানোর চেষ্টা করা হলো। তাঁর নাম মুছে দেওয়ার চেষ্টা হলো নানাভাবে। কিন্তু দিন বদলে গেছে, আজ আবার বাংলাদেশ জেগে উঠেছে। তিনি, বঙ্গবন্ধু শেখ মুজিবুর রহমান, বাঙালির জাতির পিতা। বিবিসি বাংলার জরিপে তিনি সর্বকালের সর্বশ্রেষ্ঠ বাঙালি নির্বাচিত হয়েছেন। আজ বাংলাদেশের প্রতিটি মানুষের হৃদয়ে বঙ্গবন্ধুর অবস্থান চিরস্থায়ী।

ডিএফপি নং ০১-১৪/০৮/২০১৬
